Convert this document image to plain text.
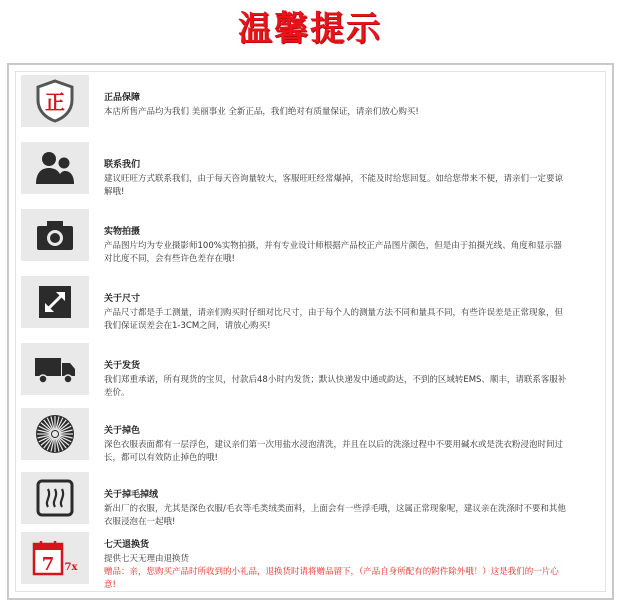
温馨提示
正	正品保障
本店所售产品均为我们 美丽事业 全新正品，我们绝对有质量保证，请亲们放心购买!
联系我们
建议旺旺方式联系我们，由于每天咨询量较大，客服旺旺经常爆掉，不能及时给您回复。如给您带来不便，请亲们一定要谅解哦!
实物拍摄
产品图片均为专业摄影师100%实物拍摄，并有专业设计师根据产品校正产品图片颜色，但是由于拍摄光线、角度和显示器对比度不同，会有些许色差存在哦!
关于尺寸
产品尺寸都是手工测量，请亲们购买时仔细对比尺寸，由于每个人的测量方法不同和量具不同，有些许误差是正常现象，但我们保证误差会在1-3CM之间，请放心购买!
关于发货
我们郑重承诺，所有现货的宝贝，付款后48小时内发货；默认快递发中通或韵达，不到的区域转EMS、顺丰，请联系客服补差价。
关于掉色
深色衣服表面都有一层浮色，建议亲们第一次用盐水浸泡清洗，并且在以后的洗涤过程中不要用碱水或是洗衣粉浸泡时间过长，都可以有效防止掉色的哦!
关于掉毛掉绒
新出厂的衣服，尤其是深色衣服/毛衣等毛类绒类面料，上面会有一些浮毛哦，这属正常现象呢，建议亲在洗涤时不要和其他衣服浸泡在一起哦!
7 7x
七天退换货
提供七天无理由退换货
赠品：亲，您购买产品时所收到的小礼品，退换货时请将赠品留下，（产品自身所配有的附件除外哦！）这是我们的一片心意!
